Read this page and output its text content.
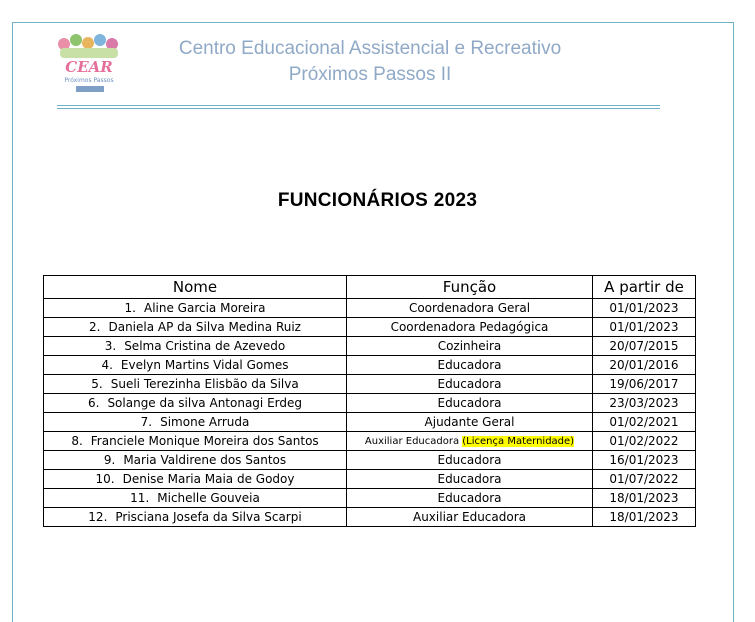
CEAR
Próximos Passos
Centro Educacional Assistencial e Recreativo
Próximos Passos II
FUNCIONÁRIOS 2023
Nome	Função	A partir de
1. Aline Garcia Moreira	Coordenadora Geral	01/01/2023
2. Daniela AP da Silva Medina Ruiz	Coordenadora Pedagógica	01/01/2023
3. Selma Cristina de Azevedo	Cozinheira	20/07/2015
4. Evelyn Martins Vidal Gomes	Educadora	20/01/2016
5. Sueli Terezinha Elisbão da Silva	Educadora	19/06/2017
6. Solange da silva Antonagi Erdeg	Educadora	23/03/2023
7. Simone Arruda	Ajudante Geral	01/02/2021
8. Franciele Monique Moreira dos Santos	Auxiliar Educadora (Licença Maternidade)	01/02/2022
9. Maria Valdirene dos Santos	Educadora	16/01/2023
10. Denise Maria Maia de Godoy	Educadora	01/07/2022
11. Michelle Gouveia	Educadora	18/01/2023
12. Prisciana Josefa da Silva Scarpi	Auxiliar Educadora	18/01/2023
